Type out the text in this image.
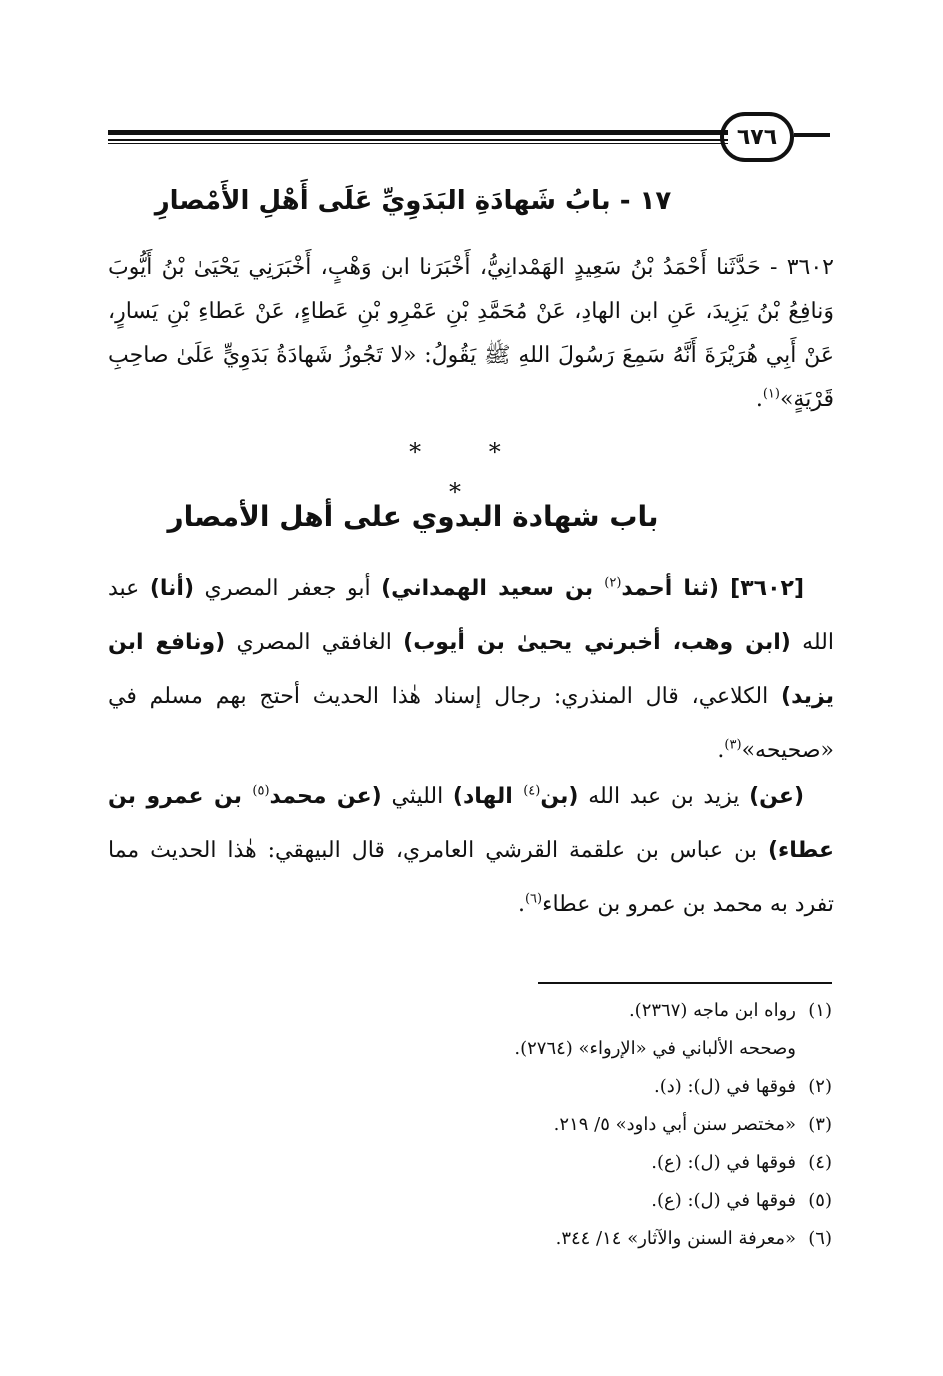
٦٧٦
١٧ - بابُ شَهادَةِ البَدَوِيِّ عَلَى أَهْلِ الأَمْصارِ
٣٦٠٢ - حَدَّثَنا أَحْمَدُ بْنُ سَعِيدٍ الهَمْدانِيُّ، أَخْبَرَنا ابن وَهْبٍ، أَخْبَرَنِي يَحْيَىٰ بْنُ أَيُّوبَ وَنافِعُ بْنُ يَزِيدَ، عَنِ ابن الهادِ، عَنْ مُحَمَّدِ بْنِ عَمْرِو بْنِ عَطاءٍ، عَنْ عَطاءِ بْنِ يَسارٍ، عَنْ أَبِي هُرَيْرَةَ أَنَّهُ سَمِعَ رَسُولَ اللهِ ﷺ يَقُولُ: «لا تَجُوزُ شَهادَةُ بَدَوِيٍّ عَلَىٰ صاحِبِ قَرْيَةٍ»$^{(١)}$.
* * *
باب شهادة البدوي على أهل الأمصار

[٣٦٠٢] (ثنا أحمد$^{(٢)}$ بن سعيد الهمداني) أبو جعفر المصري (أنا) عبد الله (ابن وهب، أخبرني يحيىٰ بن أيوب) الغافقي المصري (ونافع ابن يزيد) الكلاعي، قال المنذري: رجال إسناد هٰذا الحديث أحتج بهم مسلم في «صحيحه»$^{(٣)}$.

(عن) يزيد بن عبد الله (بن$^{(٤)}$ الهاد) الليثي (عن محمد$^{(٥)}$ بن عمرو بن عطاء) بن عباس بن علقمة القرشي العامري، قال البيهقي: هٰذا الحديث مما تفرد به محمد بن عمرو بن عطاء$^{(٦)}$.

(١)رواه ابن ماجه (٢٣٦٧).
وصححه الألباني في «الإرواء» (٢٧٦٤).
(٢)فوقها في (ل): (د).
(٣)«مختصر سنن أبي داود» ٥/ ٢١٩.
(٤)فوقها في (ل): (ع).
(٥)فوقها في (ل): (ع).
(٦)«معرفة السنن والآثار» ١٤/ ٣٤٤.
